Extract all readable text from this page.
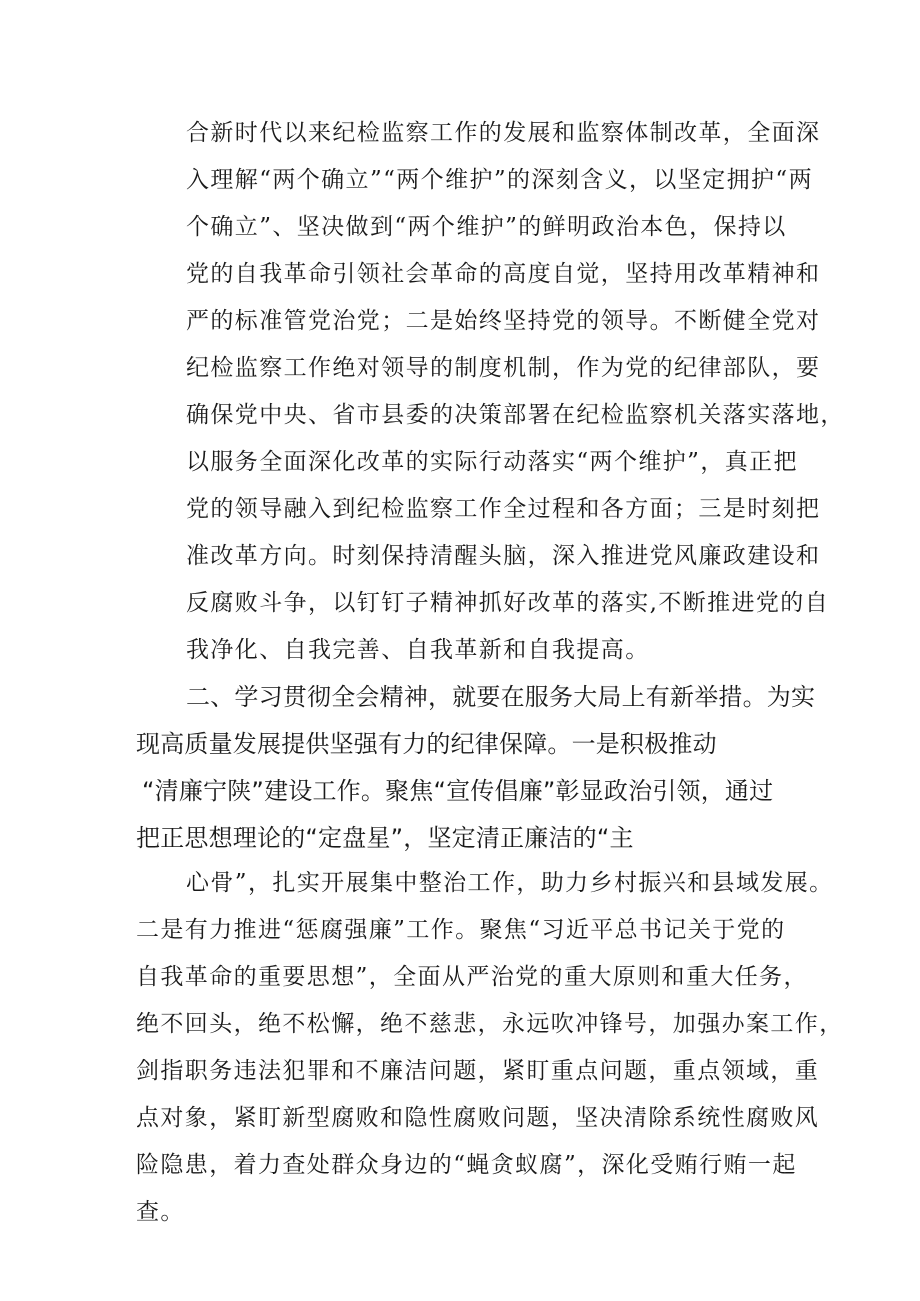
合新时代以来纪检监察工作的发展和监察体制改革，全面深
入理解“两个确立”“两个维护”的深刻含义，以坚定拥护“两
个确立”、坚决做到“两个维护”的鲜明政治本色，保持以
党的自我革命引领社会革命的高度自觉，坚持用改革精神和
严的标准管党治党；二是始终坚持党的领导。不断健全党对
纪检监察工作绝对领导的制度机制，作为党的纪律部队，要
确保党中央、省市县委的决策部署在纪检监察机关落实落地，
以服务全面深化改革的实际行动落实“两个维护”，真正把
党的领导融入到纪检监察工作全过程和各方面；三是时刻把
准改革方向。时刻保持清醒头脑，深入推进党风廉政建设和
反腐败斗争，以钉钉子精神抓好改革的落实,不断推进党的自
我净化、自我完善、自我革新和自我提高。
二、学习贯彻全会精神，就要在服务大局上有新举措。为实
现高质量发展提供坚强有力的纪律保障。一是积极推动
“清廉宁陕”建设工作。聚焦“宣传倡廉”彰显政治引领，通过
把正思想理论的“定盘星”，坚定清正廉洁的“主
心骨”，扎实开展集中整治工作，助力乡村振兴和县域发展。
二是有力推进“惩腐强廉”工作。聚焦“习近平总书记关于党的
自我革命的重要思想”，全面从严治党的重大原则和重大任务，
绝不回头，绝不松懈，绝不慈悲，永远吹冲锋号，加强办案工作，
剑指职务违法犯罪和不廉洁问题，紧盯重点问题，重点领域，重
点对象，紧盯新型腐败和隐性腐败问题，坚决清除系统性腐败风
险隐患，着力查处群众身边的“蝇贪蚁腐”，深化受贿行贿一起
查。
